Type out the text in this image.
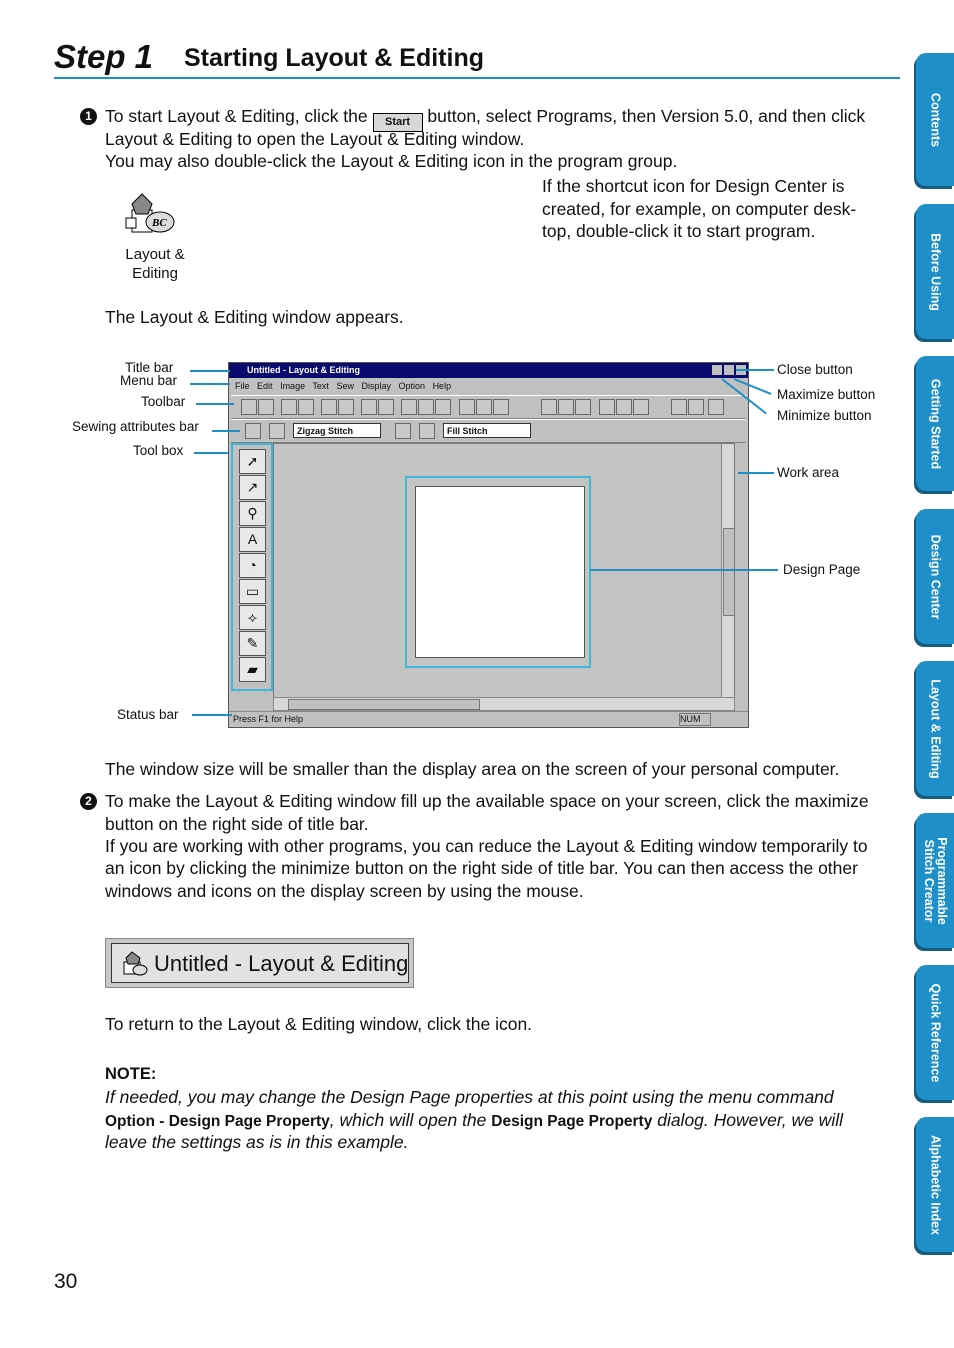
Step 1 Starting Layout & Editing
1 To start Layout & Editing, click the Start button, select Programs, then Version 5.0, and then click
Layout & Editing to open the Layout & Editing window.
You may also double-click the Layout & Editing icon in the program group.
BC
Layout &
Editing
If the shortcut icon for Design Center is
created, for example, on computer desk-
top, double-click it to start program.
The Layout & Editing window appears.
Untitled - Layout & Editing
File Edit Image Text Sew Display Option Help
Zigzag Stitch	Fill Stitch
➚
↗
⚲
A
◔
▭
⟡
✎
▰
Press F1 for Help	NUM
Title bar
Menu bar
Toolbar
Sewing attributes bar
Tool box
Status bar
Close button
Maximize button
Minimize button
Work area
Design Page
The window size will be smaller than the display area on the screen of your personal computer.
2 To make the Layout & Editing window fill up the available space on your screen, click the maximize
button on the right side of title bar.
If you are working with other programs, you can reduce the Layout & Editing window temporarily to
an icon by clicking the minimize button on the right side of title bar. You can then access the other
windows and icons on the display screen by using the mouse.
Untitled - Layout & Editing
To return to the Layout & Editing window, click the icon.
NOTE:
If needed, you may change the Design Page properties at this point using the menu command
Option - Design Page Property, which will open the Design Page Property dialog. However, we will
leave the settings as is in this example.
30
Contents
Before Using
Getting Started
Design Center
Layout & Editing
Programmable Stitch Creator
Quick Reference
Alphabetic Index
